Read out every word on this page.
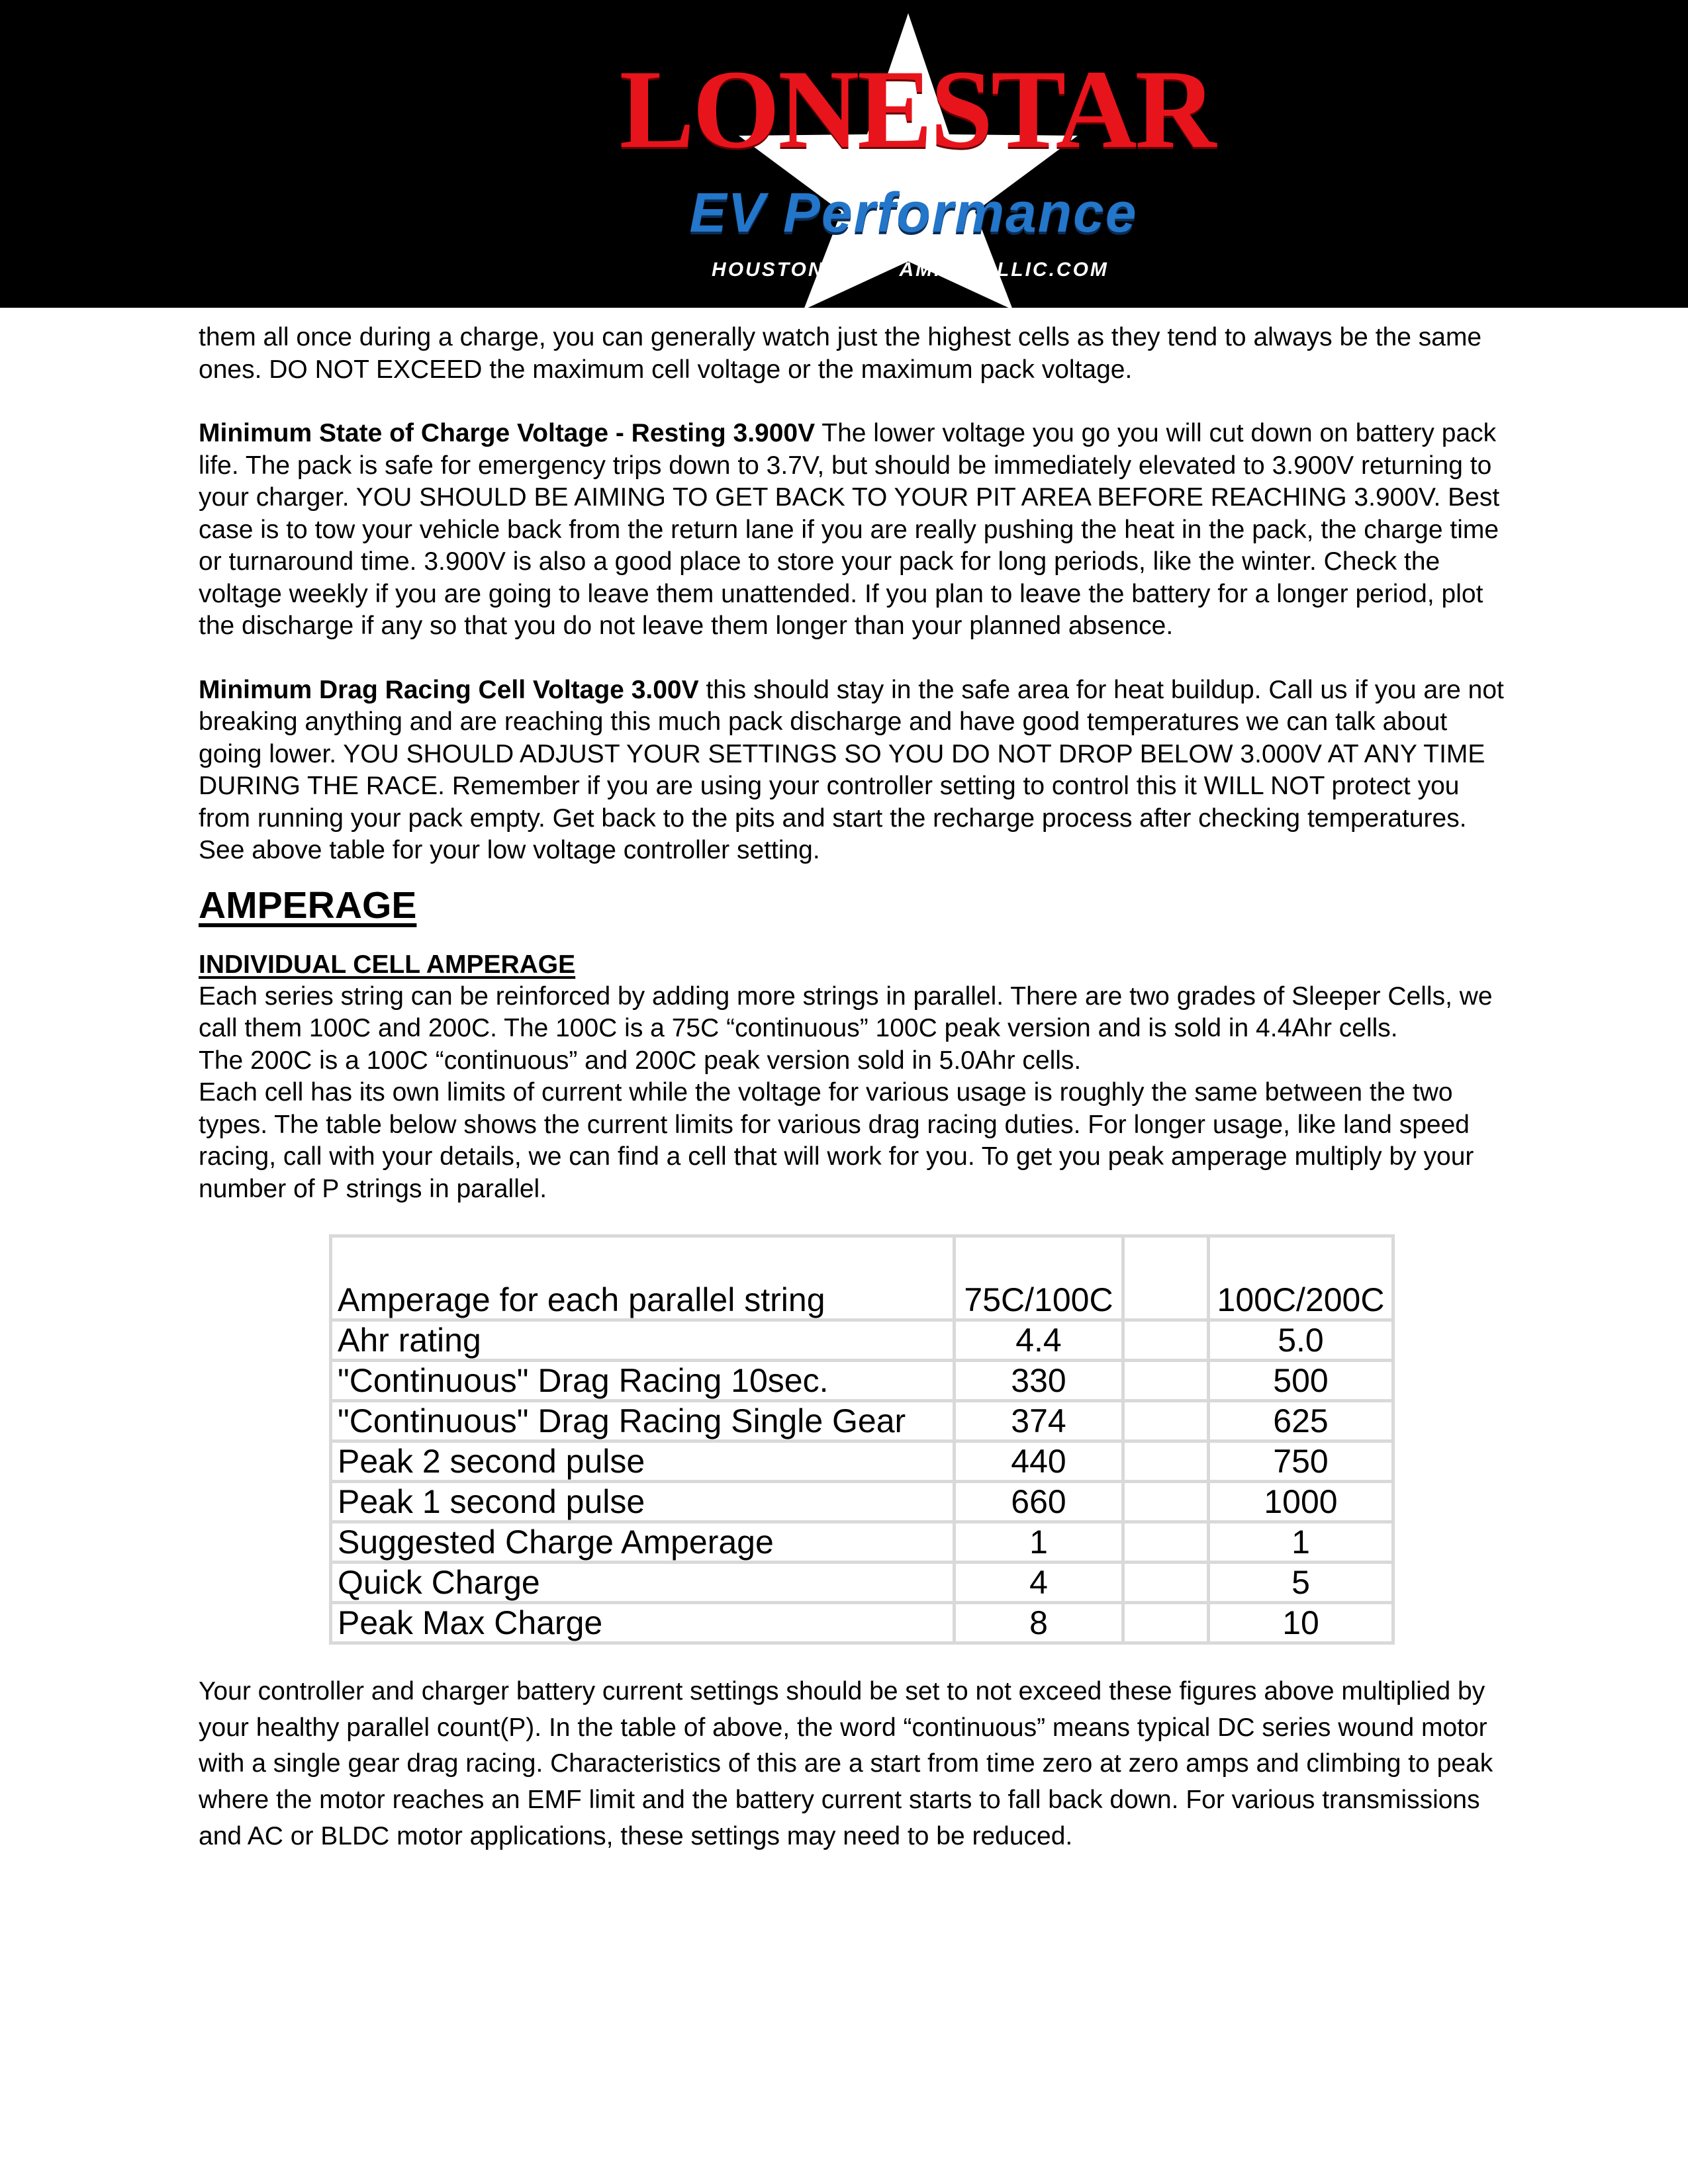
LONESTAR
EV Performance
HOUSTON, TX AMPAHALLIC.COM

them all once during a charge, you can generally watch just the highest cells as they tend to always be the same ones. DO NOT EXCEED the maximum cell voltage or the maximum pack voltage.

Minimum State of Charge Voltage - Resting 3.900V The lower voltage you go you will cut down on battery pack life. The pack is safe for emergency trips down to 3.7V, but should be immediately elevated to 3.900V returning to your charger. YOU SHOULD BE AIMING TO GET BACK TO YOUR PIT AREA BEFORE REACHING 3.900V. Best case is to tow your vehicle back from the return lane if you are really pushing the heat in the pack, the charge time or turnaround time. 3.900V is also a good place to store your pack for long periods, like the winter. Check the voltage weekly if you are going to leave them unattended. If you plan to leave the battery for a longer period, plot the discharge if any so that you do not leave them longer than your planned absence.

Minimum Drag Racing Cell Voltage 3.00V this should stay in the safe area for heat buildup. Call us if you are not breaking anything and are reaching this much pack discharge and have good temperatures we can talk about going lower. YOU SHOULD ADJUST YOUR SETTINGS SO YOU DO NOT DROP BELOW 3.000V AT ANY TIME DURING THE RACE. Remember if you are using your controller setting to control this it WILL NOT protect you from running your pack empty. Get back to the pits and start the recharge process after checking temperatures. See above table for your low voltage controller setting.

AMPERAGE
INDIVIDUAL CELL AMPERAGE

Each series string can be reinforced by adding more strings in parallel. There are two grades of Sleeper Cells, we call them 100C and 200C. The 100C is a 75C “continuous” 100C peak version and is sold in 4.4Ahr cells.

The 200C is a 100C “continuous” and 200C peak version sold in 5.0Ahr cells.

Each cell has its own limits of current while the voltage for various usage is roughly the same between the two types. The table below shows the current limits for various drag racing duties. For longer usage, like land speed racing, call with your details, we can find a cell that will work for you. To get you peak amperage multiply by your number of P strings in parallel.

Amperage for each parallel string	75C/100C		100C/200C
Ahr rating	4.4		5.0
"Continuous" Drag Racing 10sec.	330		500
"Continuous" Drag Racing Single Gear	374		625
Peak 2 second pulse	440		750
Peak 1 second pulse	660		1000
Suggested Charge Amperage	1		1
Quick Charge	4		5
Peak Max Charge	8		10

Your controller and charger battery current settings should be set to not exceed these figures above multiplied by your healthy parallel count(P). In the table of above, the word “continuous” means typical DC series wound motor with a single gear drag racing. Characteristics of this are a start from time zero at zero amps and climbing to peak where the motor reaches an EMF limit and the battery current starts to fall back down. For various transmissions and AC or BLDC motor applications, these settings may need to be reduced.
